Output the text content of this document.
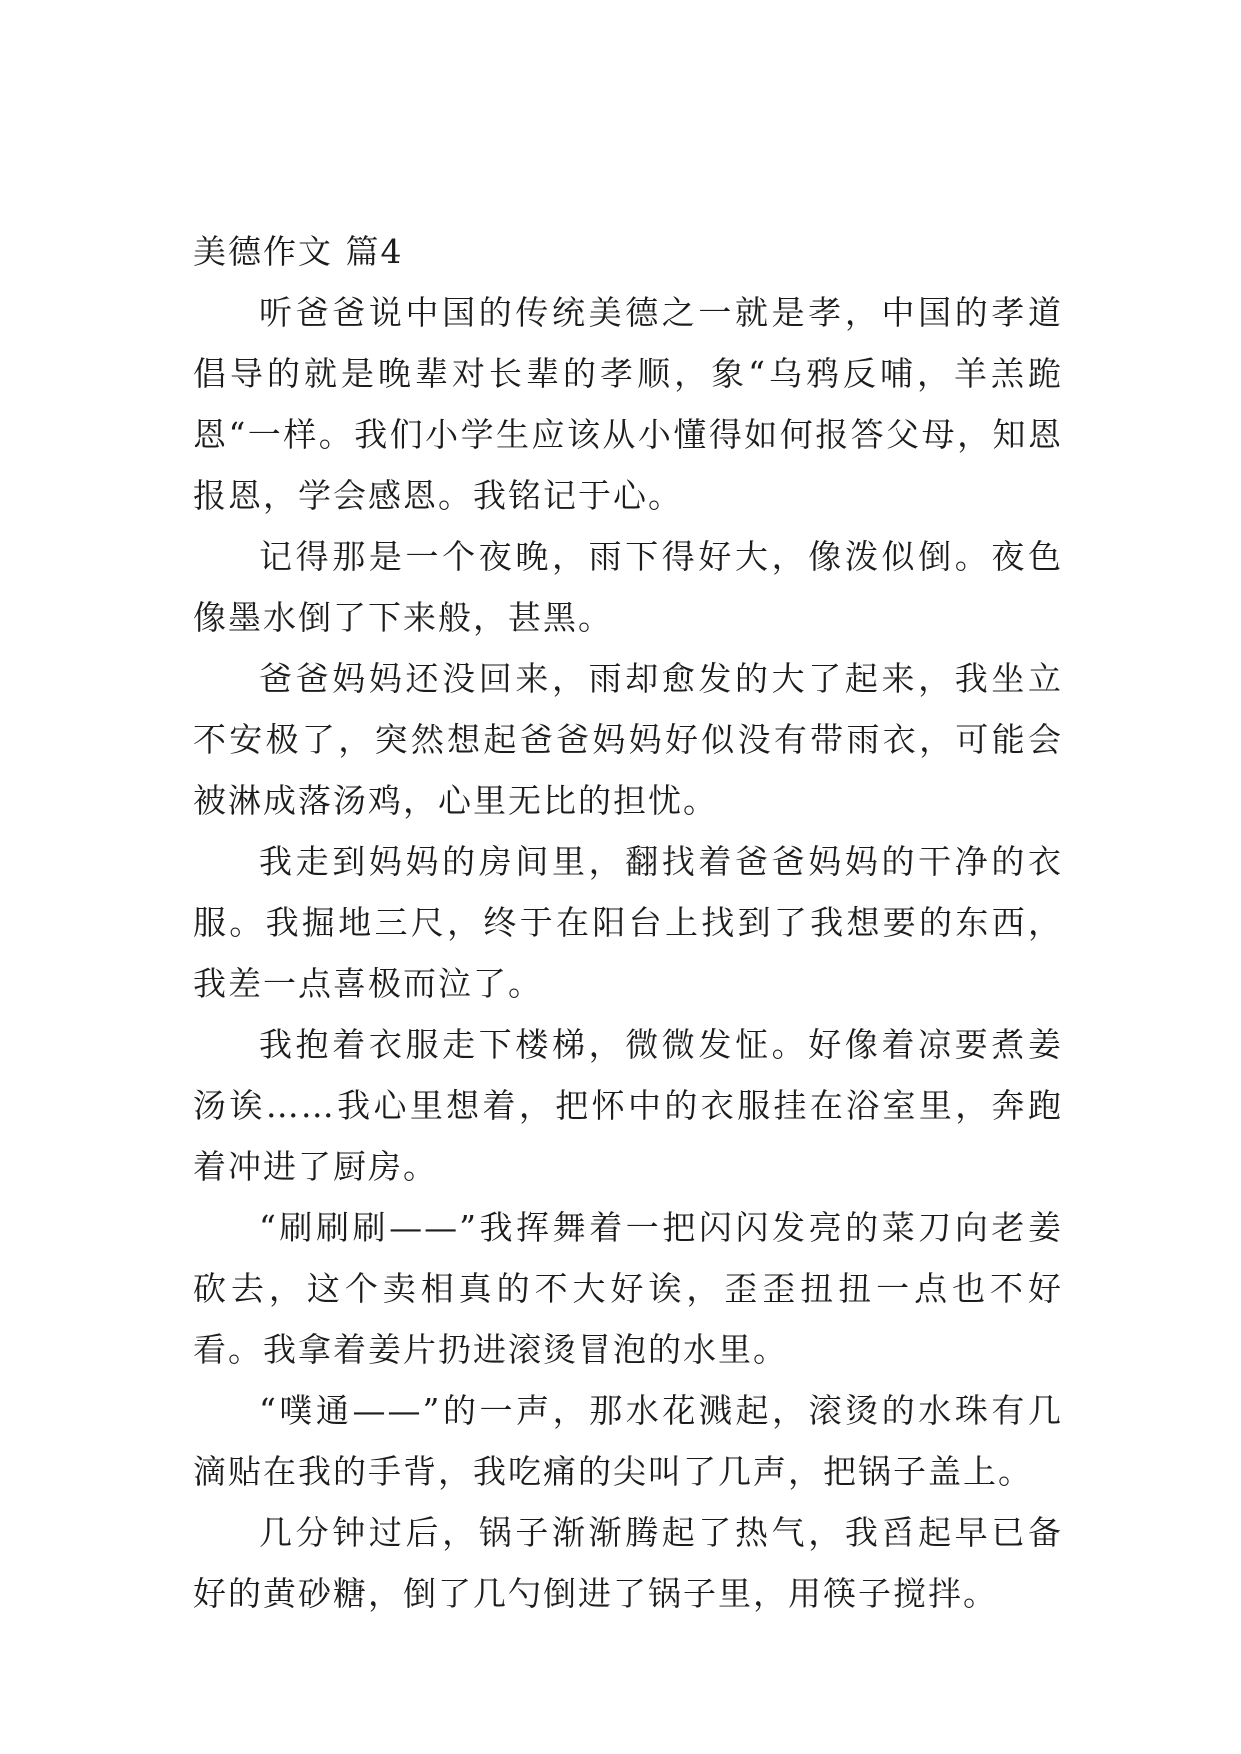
美德作文 篇4

听爸爸说中国的传统美德之一就是孝，中国的孝道倡导的就是晚辈对长辈的孝顺，象“乌鸦反哺，羊羔跪恩“一样。我们小学生应该从小懂得如何报答父母，知恩报恩，学会感恩。我铭记于心。

记得那是一个夜晚，雨下得好大，像泼似倒。夜色像墨水倒了下来般，甚黑。

爸爸妈妈还没回来，雨却愈发的大了起来，我坐立不安极了，突然想起爸爸妈妈好似没有带雨衣，可能会被淋成落汤鸡，心里无比的担忧。

我走到妈妈的房间里，翻找着爸爸妈妈的干净的衣服。我掘地三尺，终于在阳台上找到了我想要的东西，我差一点喜极而泣了。

我抱着衣服走下楼梯，微微发怔。好像着凉要煮姜汤诶……我心里想着，把怀中的衣服挂在浴室里，奔跑着冲进了厨房。

“刷刷刷——”我挥舞着一把闪闪发亮的菜刀向老姜砍去，这个卖相真的不大好诶，歪歪扭扭一点也不好看。我拿着姜片扔进滚烫冒泡的水里。

“噗通——”的一声，那水花溅起，滚烫的水珠有几滴贴在我的手背，我吃痛的尖叫了几声，把锅子盖上。

几分钟过后，锅子渐渐腾起了热气，我舀起早已备好的黄砂糖，倒了几勺倒进了锅子里，用筷子搅拌。
